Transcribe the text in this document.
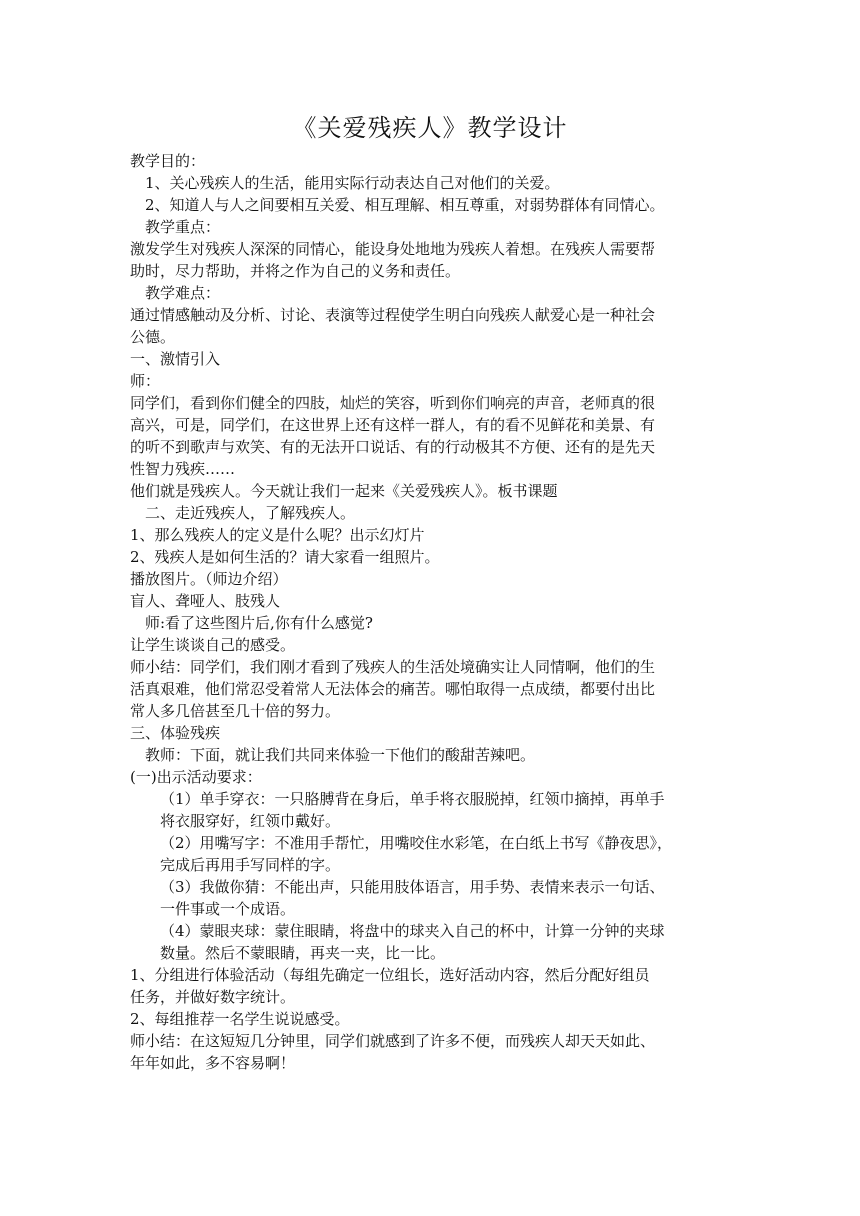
《关爱残疾人》教学设计

教学目的：

1、关心残疾人的生活，能用实际行动表达自己对他们的关爱。

2、知道人与人之间要相互关爱、相互理解、相互尊重，对弱势群体有同情心。

教学重点：

激发学生对残疾人深深的同情心，能设身处地地为残疾人着想。在残疾人需要帮

助时，尽力帮助，并将之作为自己的义务和责任。

教学难点：

通过情感触动及分析、讨论、表演等过程使学生明白向残疾人献爱心是一种社会

公德。

一、激情引入

师：

同学们，看到你们健全的四肢，灿烂的笑容，听到你们响亮的声音，老师真的很

高兴，可是，同学们，在这世界上还有这样一群人，有的看不见鲜花和美景、有

的听不到歌声与欢笑、有的无法开口说话、有的行动极其不方便、还有的是先天

性智力残疾……

他们就是残疾人。今天就让我们一起来《关爱残疾人》。板书课题

二、走近残疾人，了解残疾人。

1、那么残疾人的定义是什么呢？出示幻灯片

2、残疾人是如何生活的？请大家看一组照片。

播放图片。（师边介绍）

盲人、聋哑人、肢残人

师:看了这些图片后,你有什么感觉?

让学生谈谈自己的感受。

师小结：同学们，我们刚才看到了残疾人的生活处境确实让人同情啊，他们的生

活真艰难，他们常忍受着常人无法体会的痛苦。哪怕取得一点成绩，都要付出比

常人多几倍甚至几十倍的努力。

三、体验残疾

教师：下面，就让我们共同来体验一下他们的酸甜苦辣吧。

(一)出示活动要求：

（1）单手穿衣：一只胳膊背在身后，单手将衣服脱掉，红领巾摘掉，再单手

将衣服穿好，红领巾戴好。

（2）用嘴写字：不准用手帮忙，用嘴咬住水彩笔，在白纸上书写《静夜思》，

完成后再用手写同样的字。

（3）我做你猜：不能出声，只能用肢体语言，用手势、表情来表示一句话、

一件事或一个成语。

（4）蒙眼夹球：蒙住眼睛，将盘中的球夹入自己的杯中，计算一分钟的夹球

数量。然后不蒙眼睛，再夹一夹，比一比。

1、分组进行体验活动（每组先确定一位组长，选好活动内容，然后分配好组员

任务，并做好数字统计。

2、每组推荐一名学生说说感受。

师小结：在这短短几分钟里，同学们就感到了许多不便，而残疾人却天天如此、

年年如此，多不容易啊！
